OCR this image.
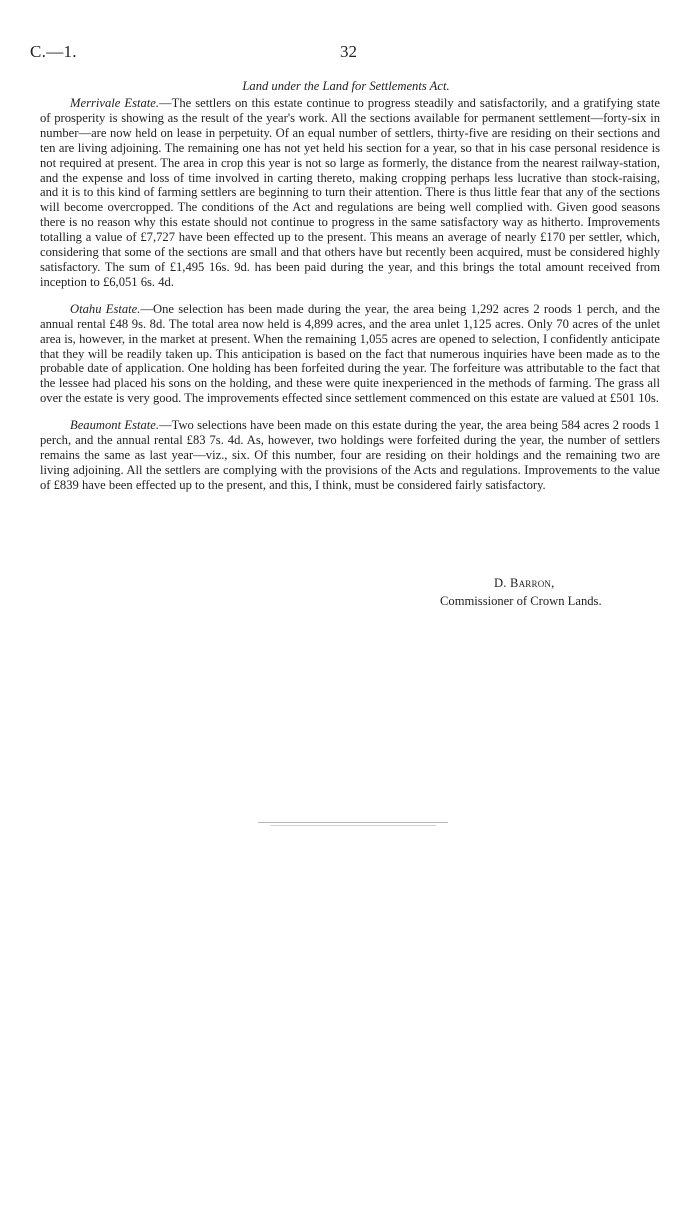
C.—1.	32
Land under the Land for Settlements Act.

Merrivale Estate.—The settlers on this estate continue to progress steadily and satisfactorily, and a gratifying state of prosperity is showing as the result of the year's work. All the sections available for permanent settlement—forty-six in number—are now held on lease in perpetuity. Of an equal number of settlers, thirty-five are residing on their sections and ten are living adjoining. The remaining one has not yet held his section for a year, so that in his case personal residence is not required at present. The area in crop this year is not so large as formerly, the distance from the nearest railway-station, and the expense and loss of time involved in carting thereto, making cropping perhaps less lucrative than stock-raising, and it is to this kind of farming settlers are beginning to turn their attention. There is thus little fear that any of the sections will become overcropped. The conditions of the Act and regulations are being well complied with. Given good seasons there is no reason why this estate should not continue to progress in the same satisfactory way as hitherto. Improvements totalling a value of £7,727 have been effected up to the present. This means an average of nearly £170 per settler, which, considering that some of the sections are small and that others have but recently been acquired, must be considered highly satisfactory. The sum of £1,495 16s. 9d. has been paid during the year, and this brings the total amount received from inception to £6,051 6s. 4d.

Otahu Estate.—One selection has been made during the year, the area being 1,292 acres 2 roods 1 perch, and the annual rental £48 9s. 8d. The total area now held is 4,899 acres, and the area unlet 1,125 acres. Only 70 acres of the unlet area is, however, in the market at present. When the remaining 1,055 acres are opened to selection, I confidently anticipate that they will be readily taken up. This anticipation is based on the fact that numerous inquiries have been made as to the probable date of application. One holding has been forfeited during the year. The forfeiture was attributable to the fact that the lessee had placed his sons on the holding, and these were quite inexperienced in the methods of farming. The grass all over the estate is very good. The improvements effected since settlement commenced on this estate are valued at £501 10s.

Beaumont Estate.—Two selections have been made on this estate during the year, the area being 584 acres 2 roods 1 perch, and the annual rental £83 7s. 4d. As, however, two holdings were forfeited during the year, the number of settlers remains the same as last year—viz., six. Of this number, four are residing on their holdings and the remaining two are living adjoining. All the settlers are complying with the provisions of the Acts and regulations. Improvements to the value of £839 have been effected up to the present, and this, I think, must be considered fairly satisfactory.

D. Barron,
Commissioner of Crown Lands.
